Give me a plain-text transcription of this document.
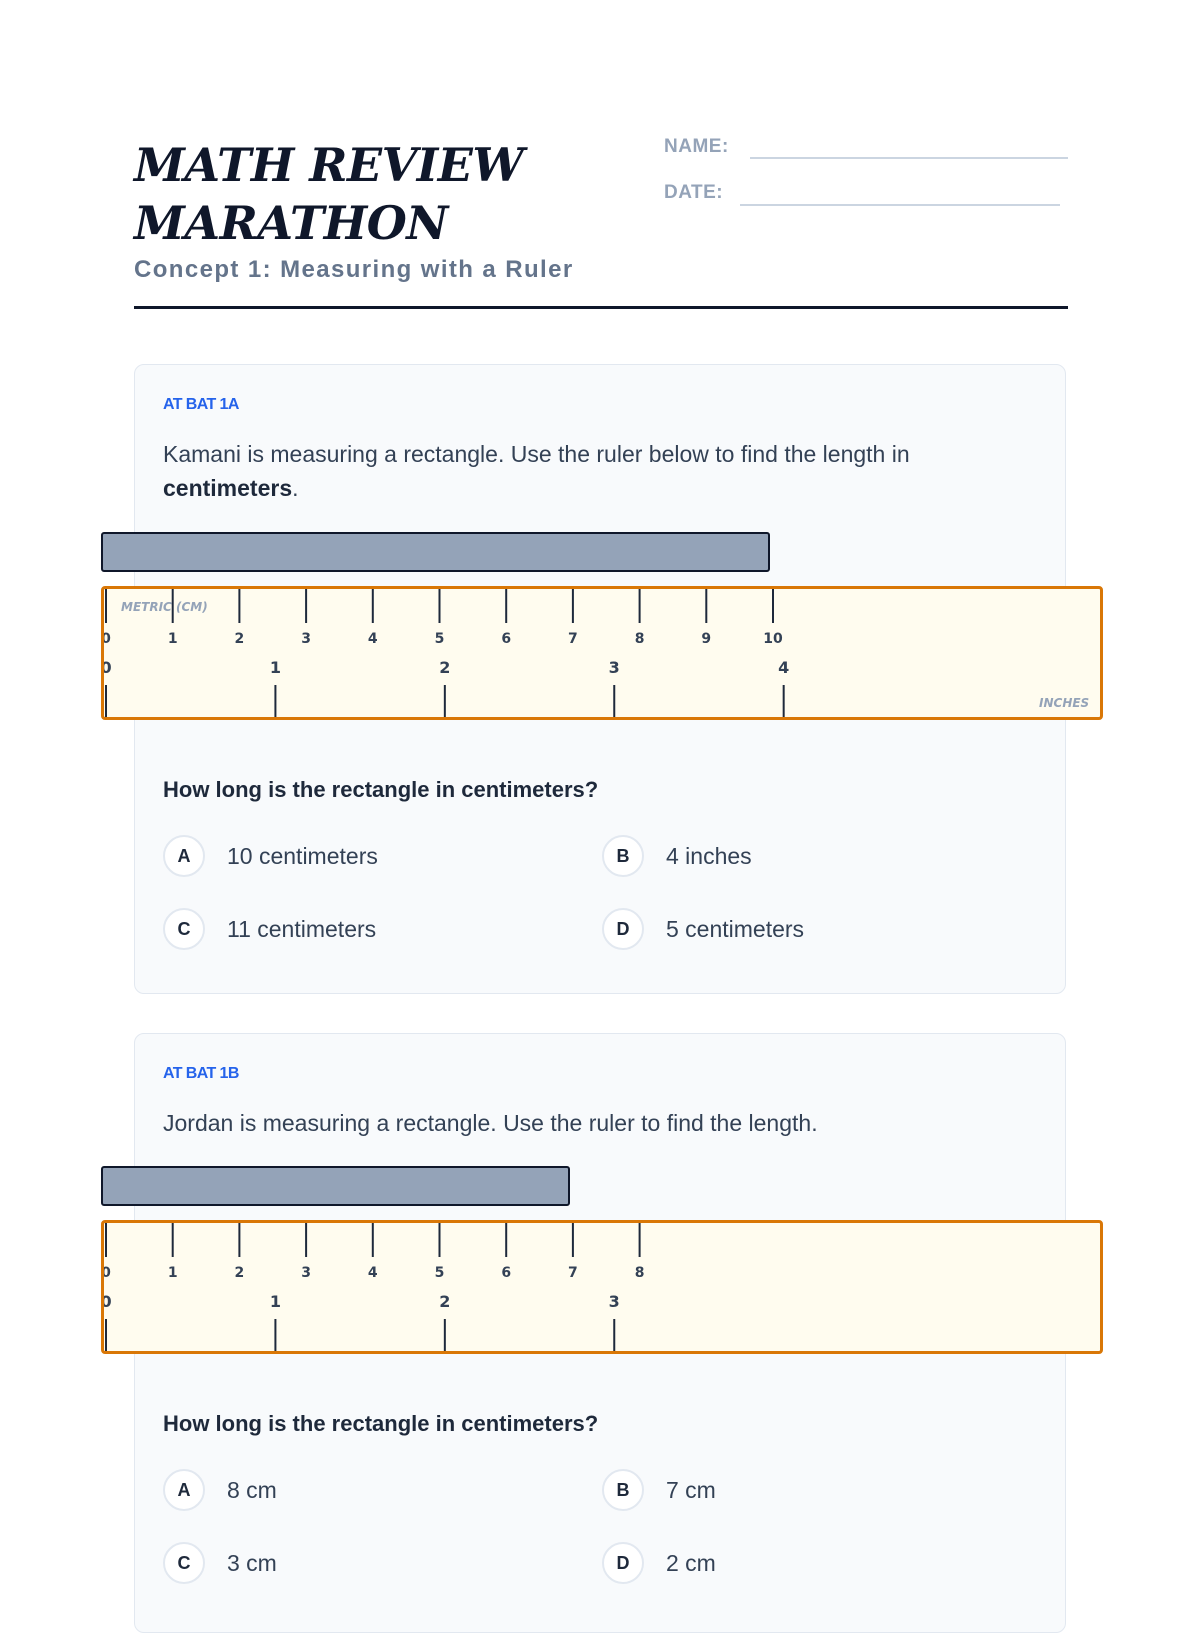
MATH REVIEW
MARATHON
Concept 1: Measuring with a Ruler
NAME:
DATE:
AT BAT 1A

Kamani is measuring a rectangle. Use the ruler below to find the length in centimeters.

0	1	2	3	4	5	6	7	8	9	10
0	1	2	3	4
METRIC (CM)
INCHES
How long is the rectangle in centimeters?
A	10 centimeters	B	4 inches
C	11 centimeters	D	5 centimeters
AT BAT 1B

Jordan is measuring a rectangle. Use the ruler to find the length.

0	1	2	3	4	5	6	7	8
0	1	2	3
How long is the rectangle in centimeters?
A	8 cm	B	7 cm
C	3 cm	D	2 cm
